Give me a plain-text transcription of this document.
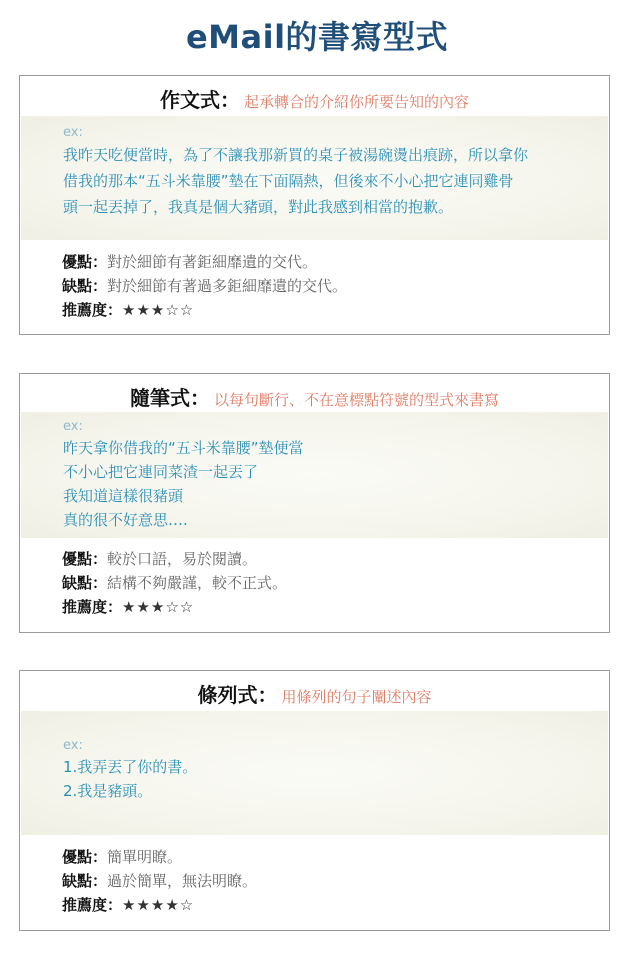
eMail的書寫型式
作文式： 起承轉合的介紹你所要告知的內容
ex:
我昨天吃便當時，為了不讓我那新買的桌子被湯碗燙出痕跡，所以拿你
借我的那本“五斗米靠腰”墊在下面隔熱，但後來不小心把它連同雞骨
頭一起丟掉了，我真是個大豬頭，對此我感到相當的抱歉。
優點：對於細節有著鉅細靡遺的交代。
缺點：對於細節有著過多鉅細靡遺的交代。
推薦度：★★★☆☆
隨筆式： 以每句斷行、不在意標點符號的型式來書寫
ex:
昨天拿你借我的“五斗米靠腰”墊便當
不小心把它連同菜渣一起丟了
我知道這樣很豬頭
真的很不好意思….
優點：較於口語，易於閱讀。
缺點：結構不夠嚴謹，較不正式。
推薦度：★★★☆☆
條列式： 用條列的句子闡述內容
ex:
1.我弄丟了你的書。
2.我是豬頭。
優點：簡單明瞭。
缺點：過於簡單，無法明瞭。
推薦度：★★★★☆
